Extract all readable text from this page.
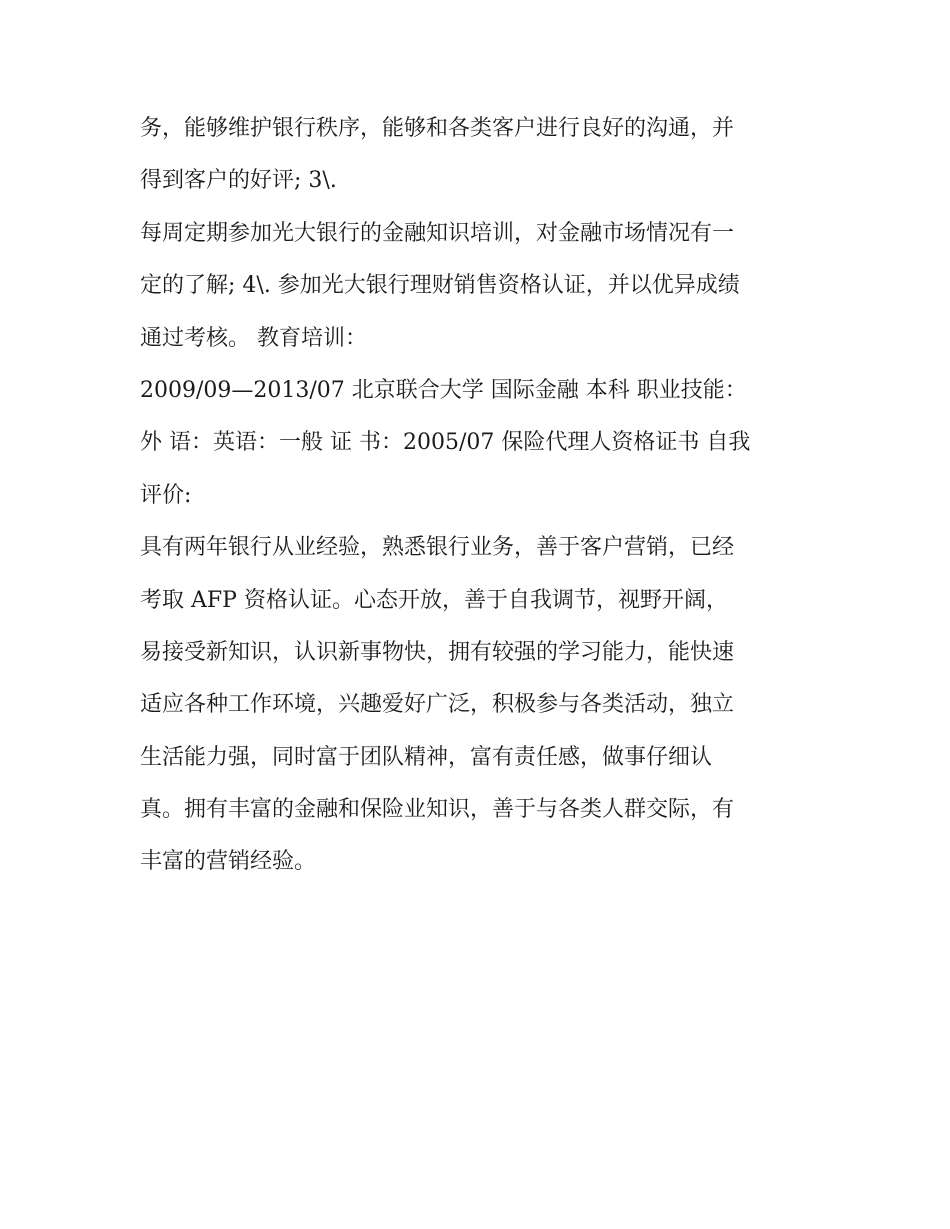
务，能够维护银行秩序，能够和各类客户进行良好的沟通，并
得到客户的好评; 3\.
每周定期参加光大银行的金融知识培训，对金融市场情况有一
定的了解; 4\. 参加光大银行理财销售资格认证，并以优异成绩
通过考核。 教育培训：
2009/09—2013/07 北京联合大学 国际金融 本科 职业技能：
外 语：英语：一般 证 书：2005/07 保险代理人资格证书 自我
评价:
具有两年银行从业经验，熟悉银行业务，善于客户营销，已经
考取 AFP 资格认证。心态开放，善于自我调节，视野开阔，
易接受新知识，认识新事物快，拥有较强的学习能力，能快速
适应各种工作环境，兴趣爱好广泛，积极参与各类活动，独立
生活能力强，同时富于团队精神，富有责任感，做事仔细认
真。拥有丰富的金融和保险业知识，善于与各类人群交际，有
丰富的营销经验。
